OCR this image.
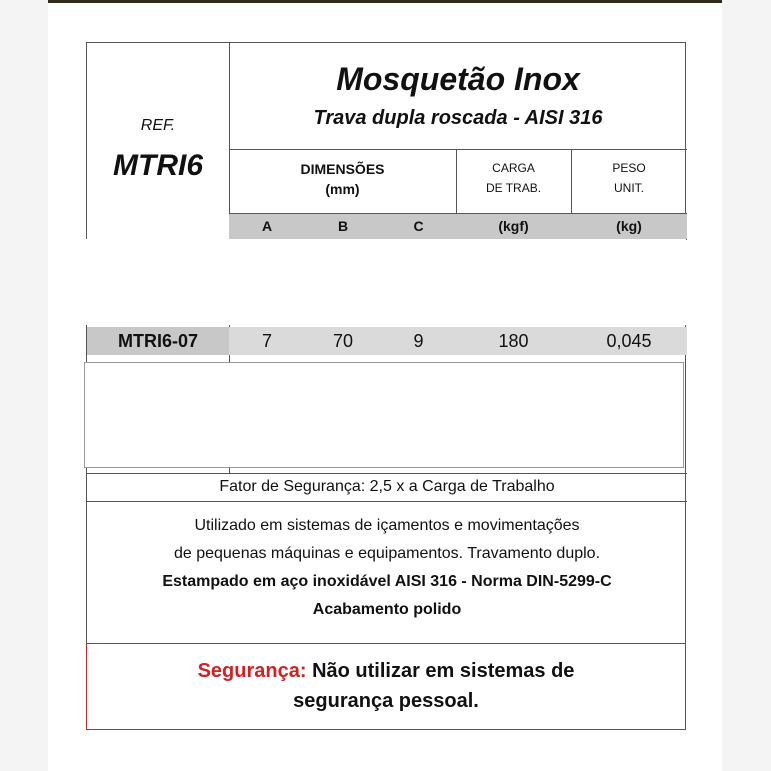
REF.
MTRI6
Mosquetão Inox
Trava dupla roscada - AISI 316
DIMENSÕES
(mm)
CARGA
DE TRAB.
PESO
UNIT.
A	B	C	(kgf)	(kg)
MTRI6-07	7	70	9	180	0,045
Fator de Segurança: 2,5 x a Carga de Trabalho
Utilizado em sistemas de içamentos e movimentações
de pequenas máquinas e equipamentos. Travamento duplo.
Estampado em aço inoxidável AISI 316 - Norma DIN-5299-C
Acabamento polido
Segurança: Não utilizar em sistemas de
segurança pessoal.
